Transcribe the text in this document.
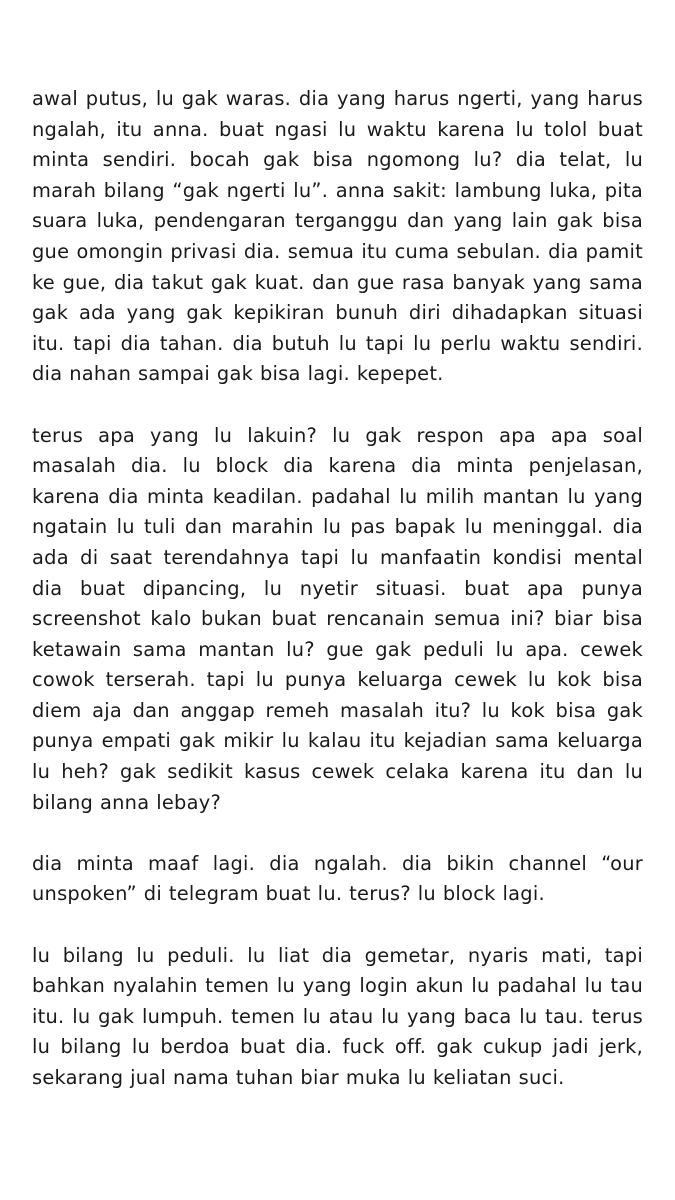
awal putus, lu gak waras. dia yang harus ngerti, yang harus ngalah, itu anna. buat ngasi lu waktu karena lu tolol buat minta sendiri. bocah gak bisa ngomong lu? dia telat, lu marah bilang “gak ngerti lu”. anna sakit: lambung luka, pita suara luka, pendengaran terganggu dan yang lain gak bisa gue omongin privasi dia. semua itu cuma sebulan. dia pamit ke gue, dia takut gak kuat. dan gue rasa banyak yang sama gak ada yang gak kepikiran bunuh diri dihadapkan situasi itu. tapi dia tahan. dia butuh lu tapi lu perlu waktu sendiri. dia nahan sampai gak bisa lagi. kepepet.

terus apa yang lu lakuin? lu gak respon apa apa soal masalah dia. lu block dia karena dia minta penjelasan, karena dia minta keadilan. padahal lu milih mantan lu yang ngatain lu tuli dan marahin lu pas bapak lu meninggal. dia ada di saat terendahnya tapi lu manfaatin kondisi mental dia buat dipancing, lu nyetir situasi. buat apa punya screenshot kalo bukan buat rencanain semua ini? biar bisa ketawain sama mantan lu? gue gak peduli lu apa. cewek cowok terserah. tapi lu punya keluarga cewek lu kok bisa diem aja dan anggap remeh masalah itu? lu kok bisa gak punya empati gak mikir lu kalau itu kejadian sama keluarga lu heh? gak sedikit kasus cewek celaka karena itu dan lu bilang anna lebay?

dia minta maaf lagi. dia ngalah. dia bikin channel “our unspoken” di telegram buat lu. terus? lu block lagi.

lu bilang lu peduli. lu liat dia gemetar, nyaris mati, tapi bahkan nyalahin temen lu yang login akun lu padahal lu tau itu. lu gak lumpuh. temen lu atau lu yang baca lu tau. terus lu bilang lu berdoa buat dia. fuck off. gak cukup jadi jerk, sekarang jual nama tuhan biar muka lu keliatan suci.
